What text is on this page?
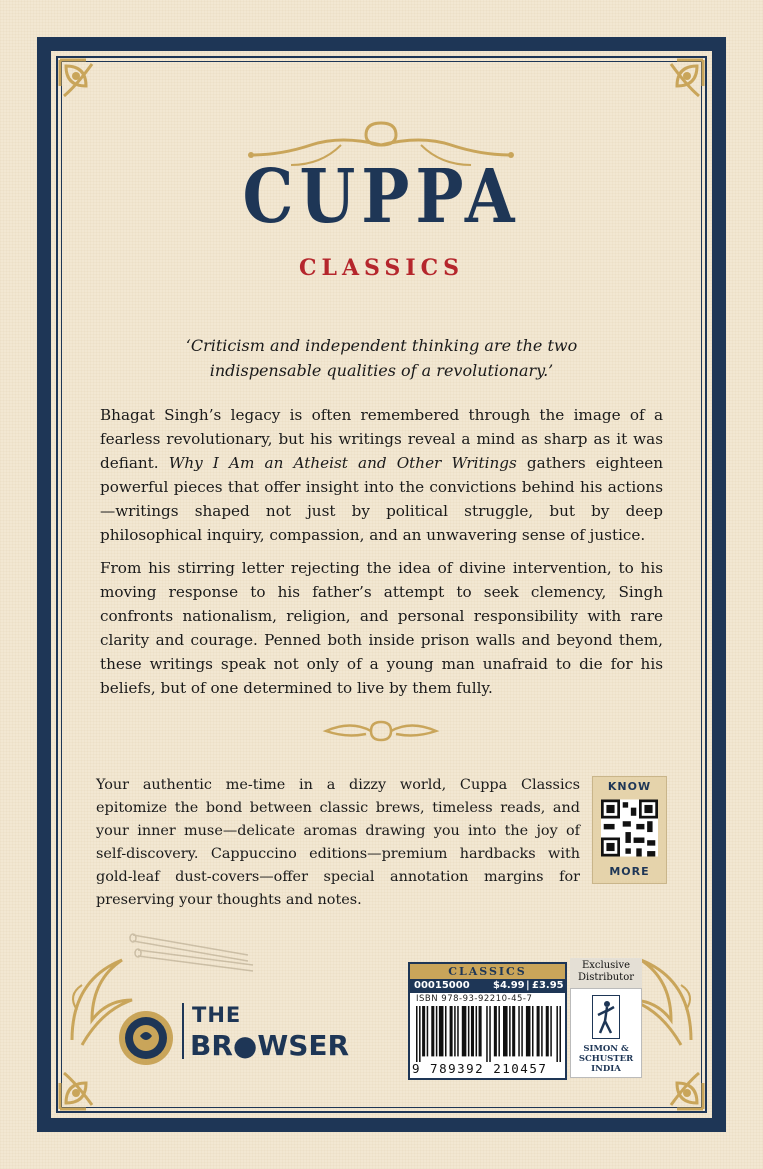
CUPPA
CLASSICS
‘Criticism and independent thinking are the two indispensable qualities of a revolutionary.’

Bhagat Singh’s legacy is often remembered through the image of a fearless revolutionary, but his writings reveal a mind as sharp as it was defiant. Why I Am an Atheist and Other Writings gathers eighteen powerful pieces that offer insight into the convictions behind his actions—writings shaped not just by political struggle, but by deep philosophical inquiry, compassion, and an unwavering sense of justice.

From his stirring letter rejecting the idea of divine intervention, to his moving response to his father’s attempt to seek clemency, Singh confronts nationalism, religion, and personal responsibility with rare clarity and courage. Penned both inside prison walls and beyond them, these writings speak not only of a young man unafraid to die for his beliefs, but of one determined to live by them fully.

Your authentic me-time in a dizzy world, Cuppa Classics epitomize the bond between classic brews, timeless reads, and your inner muse—delicate aromas drawing you into the joy of self-discovery. Cappuccino editions—premium hardbacks with gold-leaf dust-covers—offer special annotation margins for preserving your thoughts and notes.

KNOW
MORE
THE
BR●WSER
CLASSICS
00015000 $4.99 | £3.95
ISBN 978-93-92210-45-7
9 789392 210457
Exclusive Distributor
SIMON &
SCHUSTER
INDIA
